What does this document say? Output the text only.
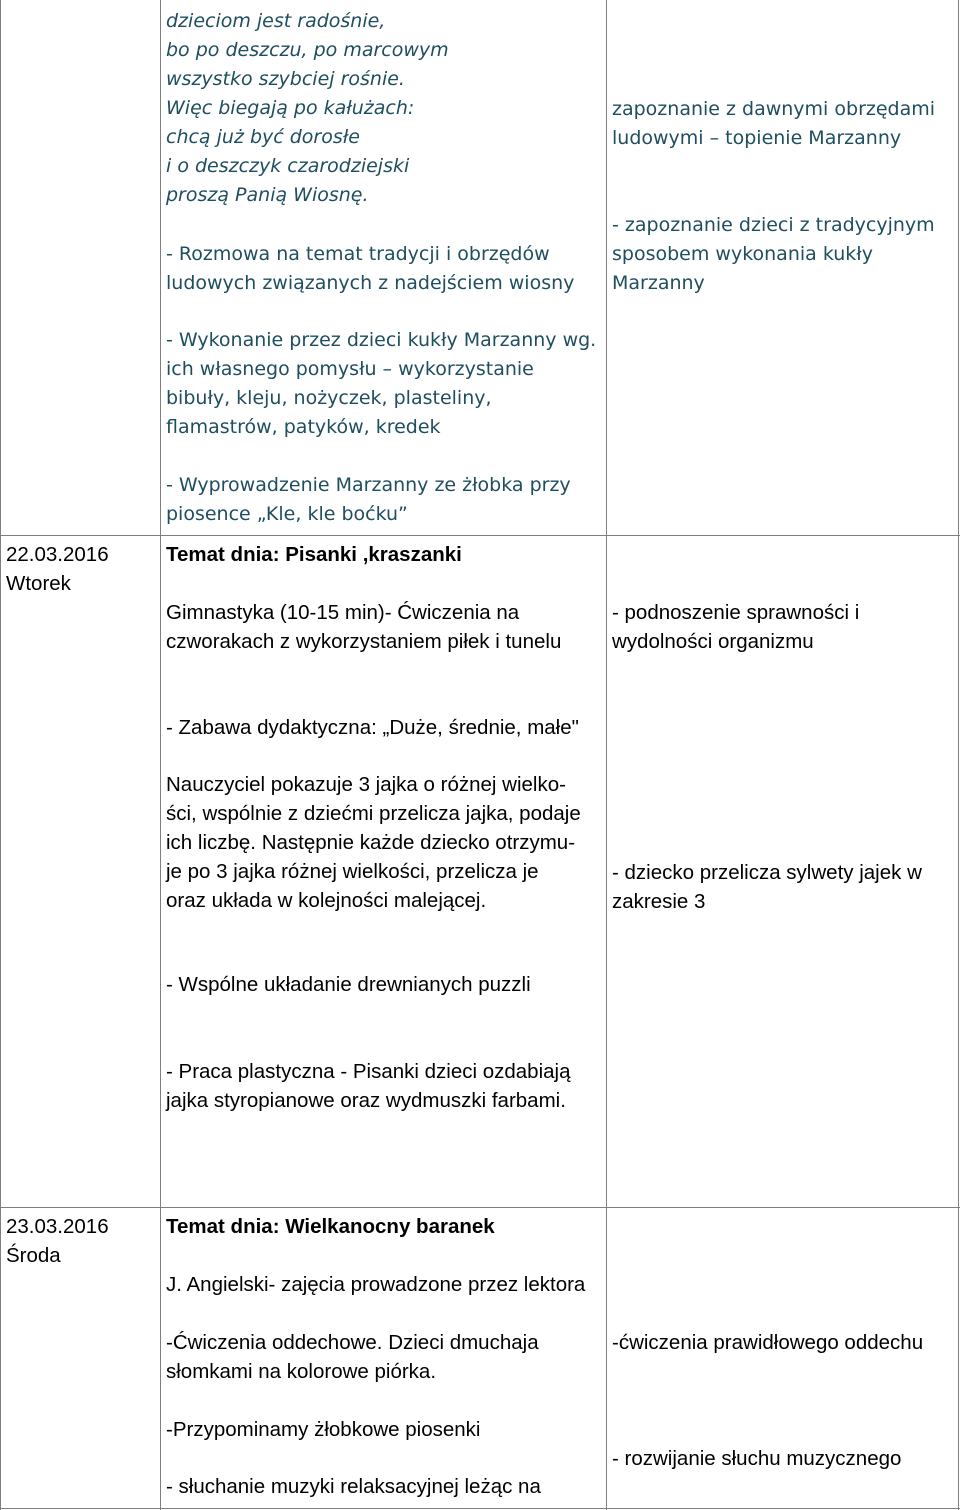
dzieciom jest radośnie,

bo po deszczu, po marcowym

wszystko szybciej rośnie.

Więc biegają po kałużach:

chcą już być dorosłe

i o deszczyk czarodziejski

proszą Panią Wiosnę.

- Rozmowa na temat tradycji i obrzędów

ludowych związanych z nadejściem wiosny

- Wykonanie przez dzieci kukły Marzanny wg.

ich własnego pomysłu – wykorzystanie

bibuły, kleju, nożyczek, plasteliny,

flamastrów, patyków, kredek

- Wyprowadzenie Marzanny ze żłobka przy

piosence „Kle, kle boćku”

zapoznanie z dawnymi obrzędami

ludowymi – topienie Marzanny

- zapoznanie dzieci z tradycyjnym

sposobem wykonania kukły

Marzanny

22.03.2016

Wtorek

Temat dnia: Pisanki ,kraszanki

Gimnastyka (10-15 min)- Ćwiczenia na

czworakach z wykorzystaniem piłek i tunelu

- Zabawa dydaktyczna: „Duże, średnie, małe"

Nauczyciel pokazuje 3 jajka o różnej wielko-

ści, wspólnie z dziećmi przelicza jajka, podaje

ich liczbę. Następnie każde dziecko otrzymu-

je po 3 jajka różnej wielkości, przelicza je

oraz układa w kolejności malejącej.

- Wspólne układanie drewnianych puzzli

- Praca plastyczna - Pisanki dzieci ozdabiają

jajka styropianowe oraz wydmuszki farbami.

- podnoszenie sprawności i

wydolności organizmu

- dziecko przelicza sylwety jajek w

zakresie 3

23.03.2016

Środa

Temat dnia: Wielkanocny baranek

J. Angielski- zajęcia prowadzone przez lektora

-Ćwiczenia oddechowe. Dzieci dmuchaja

słomkami na kolorowe piórka.

-Przypominamy żłobkowe piosenki

- słuchanie muzyki relaksacyjnej leżąc na

-ćwiczenia prawidłowego oddechu

- rozwijanie słuchu muzycznego
